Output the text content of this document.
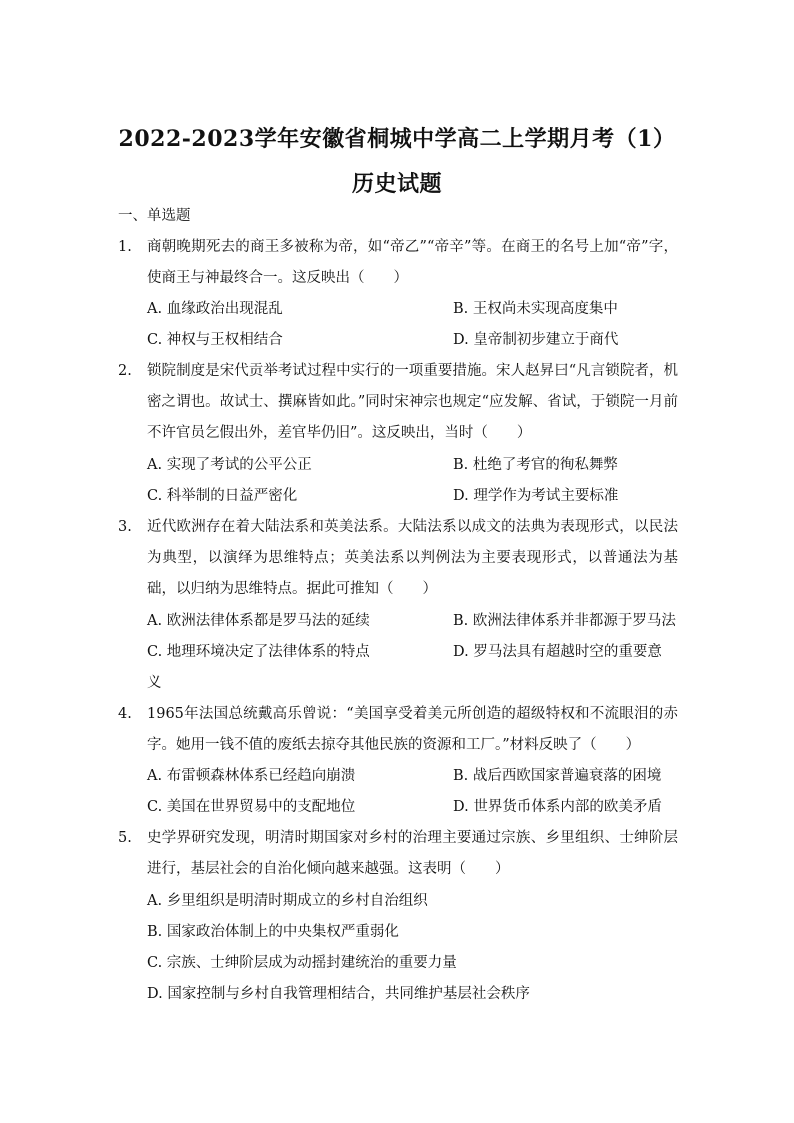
2022-2023学年安徽省桐城中学高二上学期月考（1）
历史试题
一、单选题
1.	商朝晚期死去的商王多被称为帝，如“帝乙”“帝辛”等。在商王的名号上加“帝”字，使商王与神最终合一。这反映出（　　）
A. 血缘政治出现混乱	B. 王权尚未实现高度集中
C. 神权与王权相结合	D. 皇帝制初步建立于商代
2.	锁院制度是宋代贡举考试过程中实行的一项重要措施。宋人赵昇曰“凡言锁院者，机密之谓也。故试士、撰麻皆如此。”同时宋神宗也规定“应发解、省试，于锁院一月前不许官员乞假出外，差官毕仍旧”。这反映出，当时（　　）
A. 实现了考试的公平公正	B. 杜绝了考官的徇私舞弊
C. 科举制的日益严密化	D. 理学作为考试主要标准
3.	近代欧洲存在着大陆法系和英美法系。大陆法系以成文的法典为表现形式，以民法为典型，以演绎为思维特点；英美法系以判例法为主要表现形式，以普通法为基础，以归纳为思维特点。据此可推知（　　）
A. 欧洲法律体系都是罗马法的延续	B. 欧洲法律体系并非都源于罗马法
C. 地理环境决定了法律体系的特点	D. 罗马法具有超越时空的重要意
义
4.	1965年法国总统戴高乐曾说：“美国享受着美元所创造的超级特权和不流眼泪的赤字。她用一钱不值的废纸去掠夺其他民族的资源和工厂。”材料反映了（　　）
A. 布雷顿森林体系已经趋向崩溃	B. 战后西欧国家普遍衰落的困境
C. 美国在世界贸易中的支配地位	D. 世界货币体系内部的欧美矛盾
5.	史学界研究发现，明清时期国家对乡村的治理主要通过宗族、乡里组织、士绅阶层进行，基层社会的自治化倾向越来越强。这表明（　　）
A. 乡里组织是明清时期成立的乡村自治组织
B. 国家政治体制上的中央集权严重弱化
C. 宗族、士绅阶层成为动摇封建统治的重要力量
D. 国家控制与乡村自我管理相结合，共同维护基层社会秩序
